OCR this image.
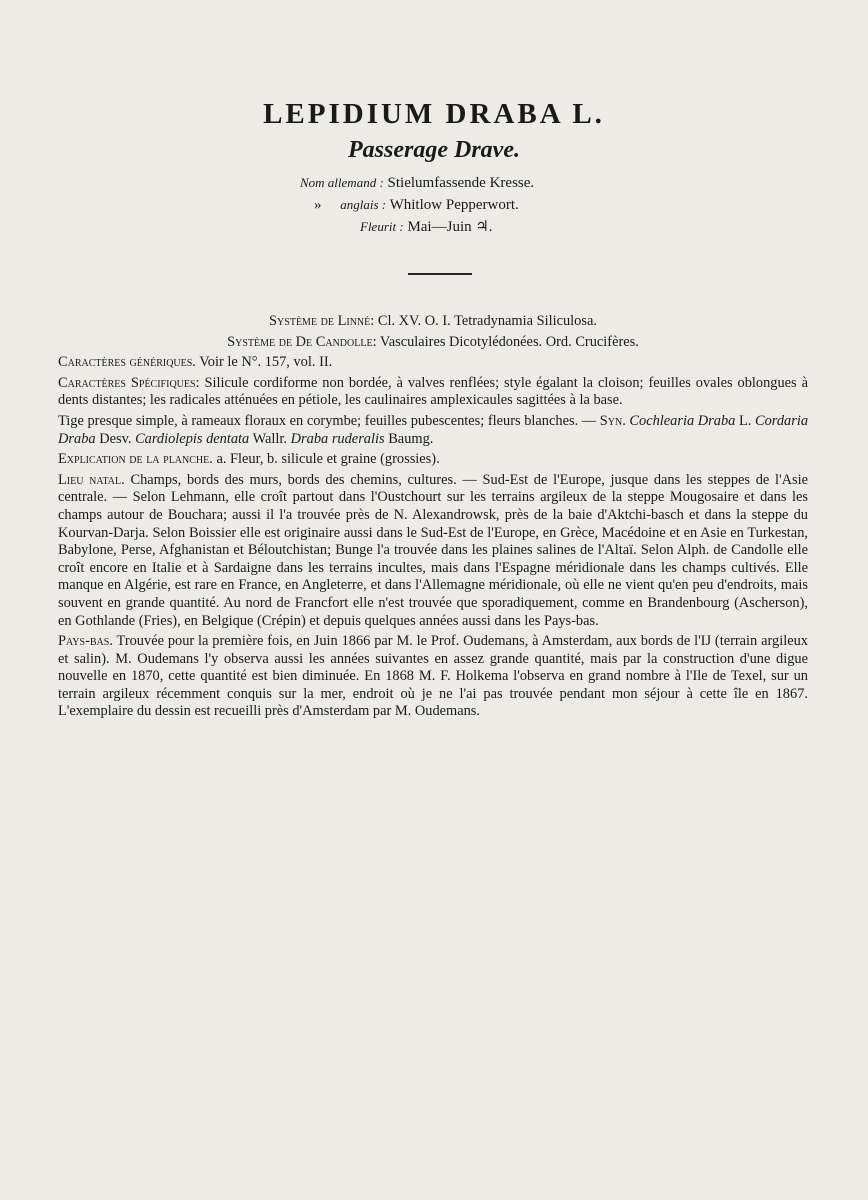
LEPIDIUM DRABA L.
Passerage Drave.
Nom allemand : Stielumfassende Kresse.
» anglais : Whitlow Pepperwort.
Fleurit : Mai—Juin ♃.

Système de Linné: Cl. XV. O. I. Tetradynamia Siliculosa.

Système de De Candolle: Vasculaires Dicotylédonées. Ord. Crucifères.

Caractères génériques. Voir le N°. 157, vol. II.

Caractères Spécifiques: Silicule cordiforme non bordée, à valves renflées; style égalant la cloison; feuilles ovales oblongues à dents distantes; les radicales atténuées en pétiole, les caulinaires amplexicaules sagittées à la base.

Tige presque simple, à rameaux floraux en corymbe; feuilles pubescentes; fleurs blanches. — Syn. Cochlearia Draba L. Cordaria Draba Desv. Cardiolepis dentata Wallr. Draba ruderalis Baumg.

Explication de la planche. a. Fleur, b. silicule et graine (grossies).

Lieu natal. Champs, bords des murs, bords des chemins, cultures. — Sud-Est de l'Europe, jusque dans les steppes de l'Asie centrale. — Selon Lehmann, elle croît partout dans l'Oustchourt sur les terrains argileux de la steppe Mougosaire et dans les champs autour de Bouchara; aussi il l'a trouvée près de N. Alexandrowsk, près de la baie d'Aktchi-basch et dans la steppe du Kourvan-Darja. Selon Boissier elle est originaire aussi dans le Sud-Est de l'Europe, en Grèce, Macédoine et en Asie en Turkestan, Babylone, Perse, Afghanistan et Béloutchistan; Bunge l'a trouvée dans les plaines salines de l'Altaï. Selon Alph. de Candolle elle croît encore en Italie et à Sardaigne dans les terrains incultes, mais dans l'Espagne méridionale dans les champs cultivés. Elle manque en Algérie, est rare en France, en Angleterre, et dans l'Allemagne méridionale, où elle ne vient qu'en peu d'endroits, mais souvent en grande quantité. Au nord de Francfort elle n'est trouvée que sporadiquement, comme en Brandenbourg (Ascherson), en Gothlande (Fries), en Belgique (Crépin) et depuis quelques années aussi dans les Pays-bas.

Pays-bas. Trouvée pour la première fois, en Juin 1866 par M. le Prof. Oudemans, à Amsterdam, aux bords de l'IJ (terrain argileux et salin). M. Oudemans l'y observa aussi les années suivantes en assez grande quantité, mais par la construction d'une digue nouvelle en 1870, cette quantité est bien diminuée. En 1868 M. F. Holkema l'observa en grand nombre à l'Ile de Texel, sur un terrain argileux récemment conquis sur la mer, endroit où je ne l'ai pas trouvée pendant mon séjour à cette île en 1867. L'exemplaire du dessin est recueilli près d'Amsterdam par M. Oudemans.
